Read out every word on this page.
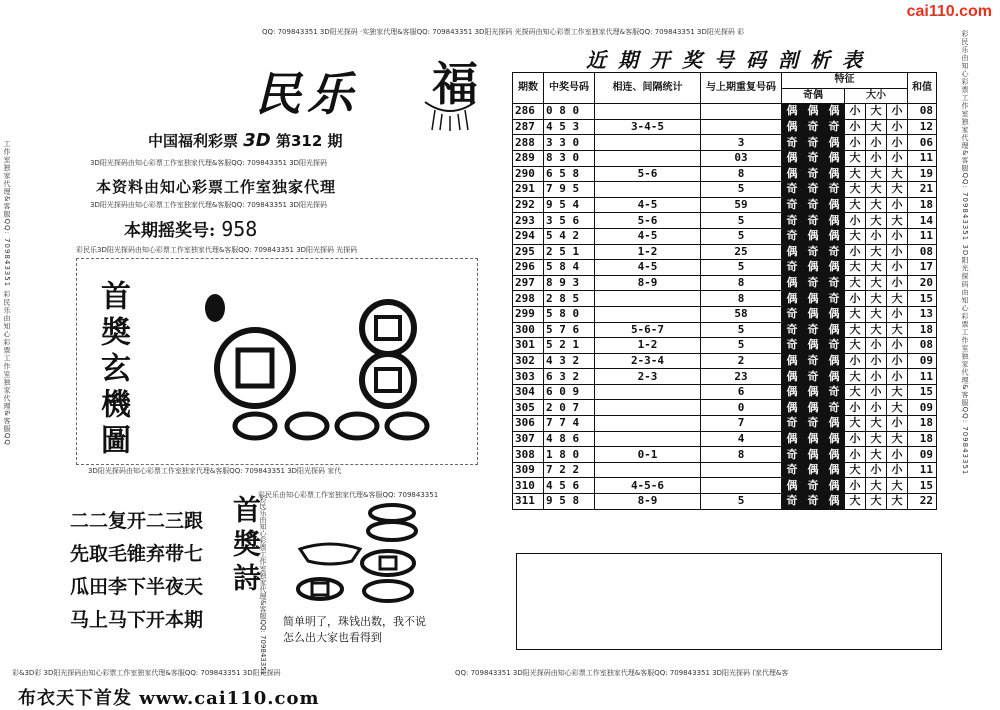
cai110.com
QQ: 709843351 3D阳光探码 ·实独家代理&客服QQ: 709843351 3D阳光探码 光探码由知心彩票工作室独家代理&客服QQ: 709843351 3D阳光探码 彩
工作室独家代理&客服QQ: 709843351 彩民乐由知心彩票工作室独家代理&客服QQ	彩民乐由知心彩票工作室独家代理&客服QQ: 709843351 3D阳光探码由知心彩票工作室独家代理&客服QQ: 709843351
民乐 福
中国福利彩票 3D 第312 期
3D阳光探码由知心彩票工作室独家代理&客服QQ: 709843351 3D阳光探码
本资料由知心彩票工作室独家代理
3D阳光探码由知心彩票工作室独家代理&客服QQ: 709843351 3D阳光探码
本期摇奖号: 958
彩民乐3D阳光探码由知心彩票工作室独家代理&客服QQ: 709843351 3D阳光探码 光探码
首奬玄機圖
3D阳光探码由知心彩票工作室独家代理&客服QQ: 709843351 3D阳光探码 家代
彩民乐由知心彩票工作室独家代理&客服QQ: 709843351
二二复开二三跟
先取毛锥弃带七
瓜田李下半夜天
马上马下开本期
首奬詩
简单明了，珠钱出数，我不说
怎么出大家也看得到
彩民乐由知心彩票工作室独家代理&客服QQ: 709843351
彩&3D彩 3D阳光探码由知心彩票工作室独家代理&客服QQ: 709843351 3D阳光探码	QQ: 709843351 3D阳光探码由知心彩票工作室独家代理&客服QQ: 709843351 3D阳光探码 (家代理&客
布衣天下首发 www.cai110.com
近期开奖号码剖析表
期数	中奖号码	相连、间隔统计	与上期重复号码	特征						和值
				奇偶			大小			
286	0 8 0			偶	偶	偶	小	大	小	08
287	4 5 3	3-4-5		偶	奇	奇	小	大	小	12
288	3 3 0		3	奇	奇	偶	小	小	小	06
289	8 3 0		03	偶	奇	偶	大	小	小	11
290	6 5 8	5-6	8	偶	奇	偶	大	大	大	19
291	7 9 5		5	奇	奇	奇	大	大	大	21
292	9 5 4	4-5	59	奇	奇	偶	大	大	小	18
293	3 5 6	5-6	5	奇	奇	偶	小	大	大	14
294	5 4 2	4-5	5	奇	偶	偶	大	小	小	11
295	2 5 1	1-2	25	偶	奇	奇	小	大	小	08
296	5 8 4	4-5	5	奇	偶	偶	大	大	小	17
297	8 9 3	8-9	8	偶	奇	奇	大	大	小	20
298	2 8 5		8	偶	偶	奇	小	大	大	15
299	5 8 0		58	奇	偶	偶	大	大	小	13
300	5 7 6	5-6-7	5	奇	奇	偶	大	大	大	18
301	5 2 1	1-2	5	奇	偶	奇	大	小	小	08
302	4 3 2	2-3-4	2	偶	奇	偶	小	小	小	09
303	6 3 2	2-3	23	偶	奇	偶	大	小	小	11
304	6 0 9		6	偶	偶	奇	大	小	大	15
305	2 0 7		0	偶	偶	奇	小	小	大	09
306	7 7 4		7	奇	奇	偶	大	大	小	18
307	4 8 6		4	偶	偶	偶	小	大	大	18
308	1 8 0	0-1	8	奇	偶	偶	小	大	小	09
309	7 2 2			奇	偶	偶	大	小	小	11
310	4 5 6	4-5-6		偶	奇	偶	小	大	大	15
311	9 5 8	8-9	5	奇	奇	偶	大	大	大	22
